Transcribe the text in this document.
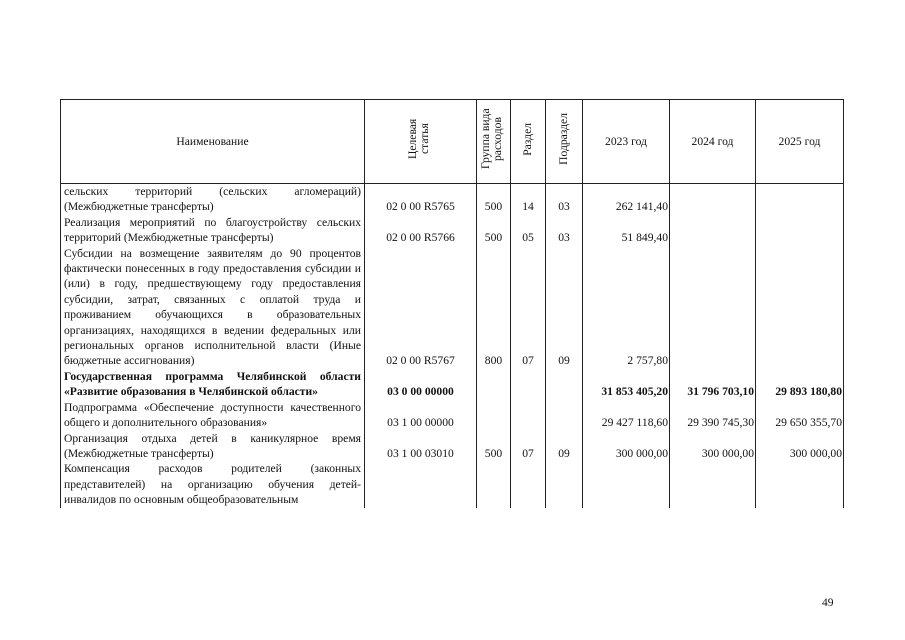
Наименование	Целевая статья	Группа вида расходов	Раздел	Подраздел	2023 год	2024 год	2025 год
сельских территорий (сельских агломераций) (Межбюджетные трансферты)	02 0 00 R5765	500	14	03	262 141,40		
Реализация мероприятий по благоустройству сельских территорий (Межбюджетные трансферты)	02 0 00 R5766	500	05	03	51 849,40		
Субсидии на возмещение заявителям до 90 процентов фактически понесенных в году предоставления субсидии и (или) в году, предшествующему году предоставления субсидии, затрат, связанных с оплатой труда и проживанием обучающихся в образовательных организациях, находящихся в ведении федеральных или региональных органов исполнительной власти (Иные бюджетные ассигнования)	02 0 00 R5767	800	07	09	2 757,80		
Государственная программа Челябинской области «Развитие образования в Челябинской области»	03 0 00 00000				31 853 405,20	31 796 703,10	29 893 180,80
Подпрограмма «Обеспечение доступности качественного общего и дополнительного образования»	03 1 00 00000				29 427 118,60	29 390 745,30	29 650 355,70
Организация отдыха детей в каникулярное время (Межбюджетные трансферты)	03 1 00 03010	500	07	09	300 000,00	300 000,00	300 000,00
Компенсация расходов родителей (законных представителей) на организацию обучения детей-инвалидов по основным общеобразовательным							
49
